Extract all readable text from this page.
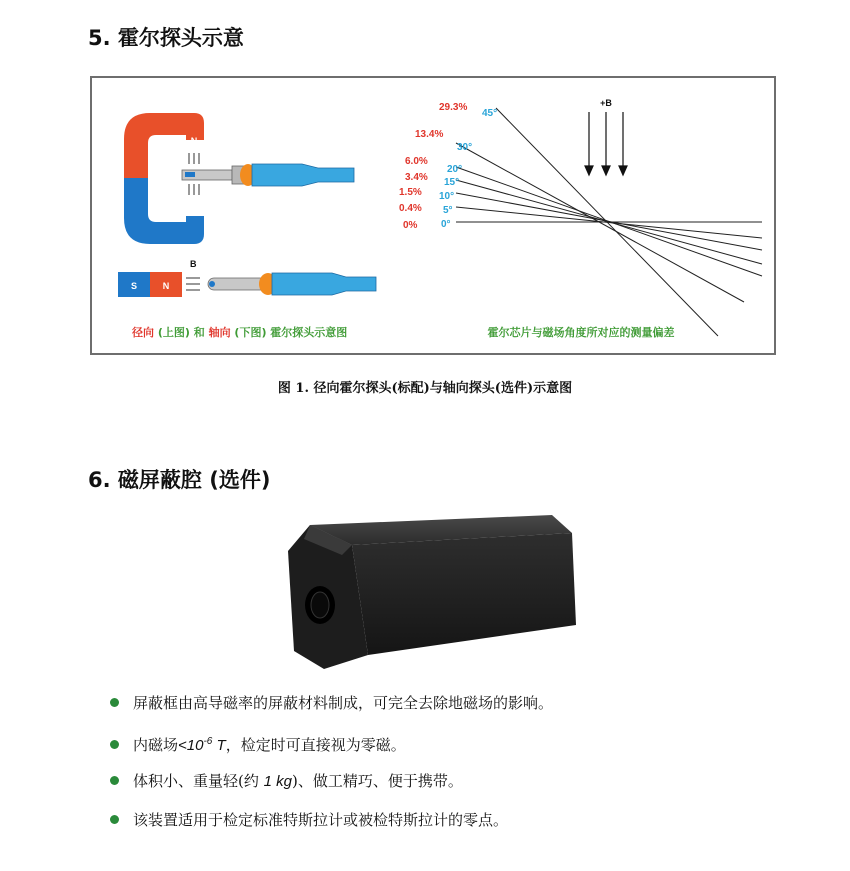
5. 霍尔探头示意
N
S
S	N
B
径向 (上图) 和 轴向 (下图) 霍尔探头示意图
+B
45°
30°
20°
15°
10°
5°
0°
29.3%
13.4%
6.0%
3.4%
1.5%
0.4%
0%
霍尔芯片与磁场角度所对应的测量偏差
图 1. 径向霍尔探头(标配)与轴向探头(选件)示意图
6. 磁屏蔽腔 (选件)
屏蔽框由高导磁率的屏蔽材料制成，可完全去除地磁场的影响。
内磁场$<10^{-6}$ T，检定时可直接视为零磁。
体积小、重量轻(约 1 kg)、做工精巧、便于携带。
该装置适用于检定标准特斯拉计或被检特斯拉计的零点。
